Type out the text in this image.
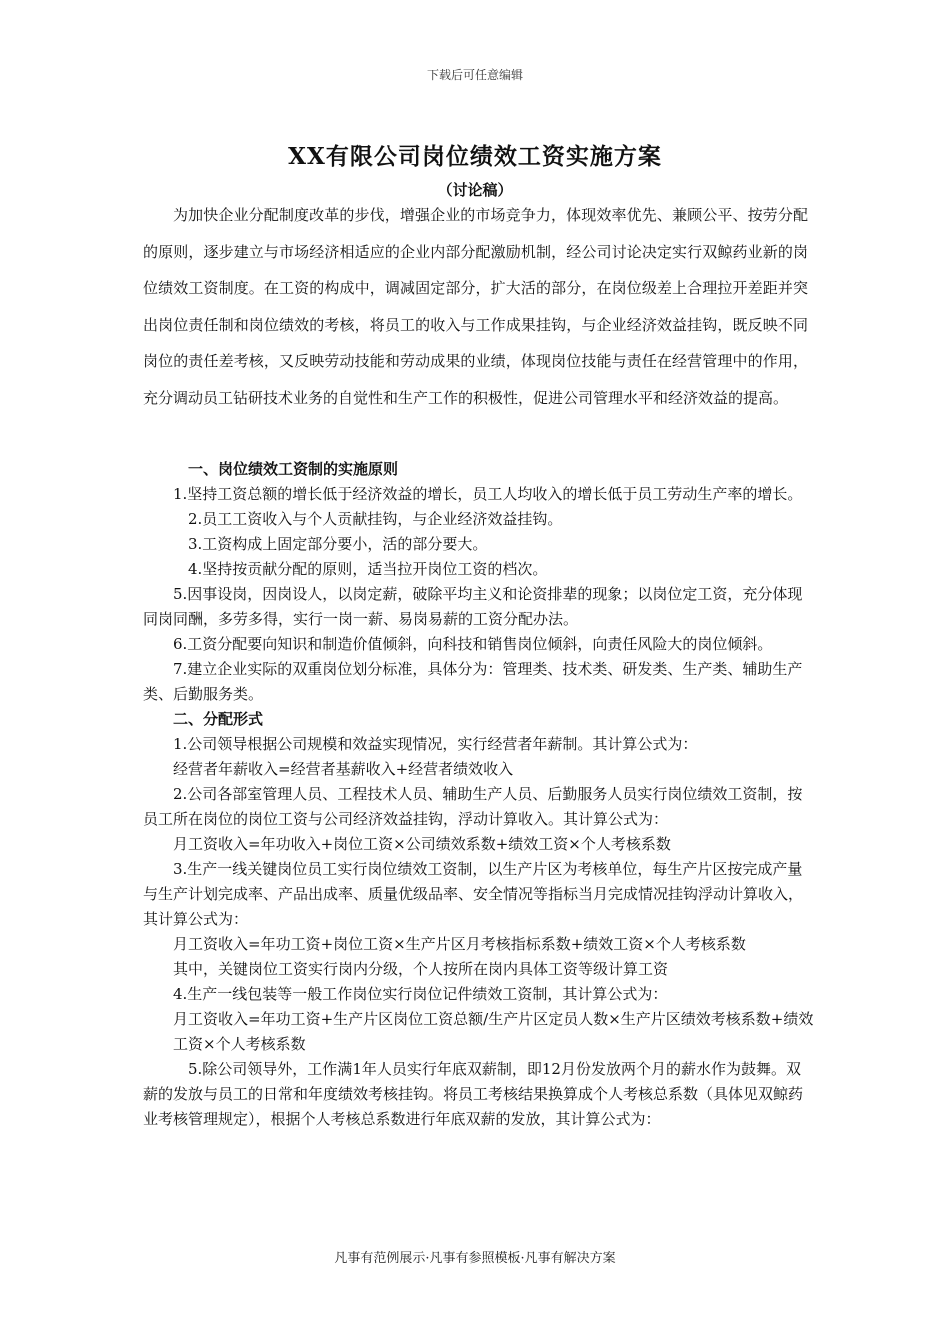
下载后可任意编辑
XX有限公司岗位绩效工资实施方案
（讨论稿）
为加快企业分配制度改革的步伐，增强企业的市场竞争力，体现效率优先、兼顾公平、按劳分配的原则，逐步建立与市场经济相适应的企业内部分配激励机制，经公司讨论决定实行双鲸药业新的岗位绩效工资制度。在工资的构成中，调减固定部分，扩大活的部分，在岗位级差上合理拉开差距并突出岗位责任制和岗位绩效的考核，将员工的收入与工作成果挂钩，与企业经济效益挂钩，既反映不同岗位的责任差考核，又反映劳动技能和劳动成果的业绩，体现岗位技能与责任在经营管理中的作用，充分调动员工钻研技术业务的自觉性和生产工作的积极性，促进公司管理水平和经济效益的提高。

一、岗位绩效工资制的实施原则

1.坚持工资总额的增长低于经济效益的增长，员工人均收入的增长低于员工劳动生产率的增长。

2.员工工资收入与个人贡献挂钩，与企业经济效益挂钩。

3.工资构成上固定部分要小，活的部分要大。

4.坚持按贡献分配的原则，适当拉开岗位工资的档次。

5.因事设岗，因岗设人，以岗定薪，破除平均主义和论资排辈的现象；以岗位定工资，充分体现同岗同酬，多劳多得，实行一岗一薪、易岗易薪的工资分配办法。

6.工资分配要向知识和制造价值倾斜，向科技和销售岗位倾斜，向责任风险大的岗位倾斜。

7.建立企业实际的双重岗位划分标准，具体分为：管理类、技术类、研发类、生产类、辅助生产类、后勤服务类。

二、分配形式

1.公司领导根据公司规模和效益实现情况，实行经营者年薪制。其计算公式为：

经营者年薪收入=经营者基薪收入+经营者绩效收入

2.公司各部室管理人员、工程技术人员、辅助生产人员、后勤服务人员实行岗位绩效工资制，按员工所在岗位的岗位工资与公司经济效益挂钩，浮动计算收入。其计算公式为：

月工资收入=年功收入+岗位工资×公司绩效系数+绩效工资×个人考核系数

3.生产一线关键岗位员工实行岗位绩效工资制，以生产片区为考核单位，每生产片区按完成产量与生产计划完成率、产品出成率、质量优级品率、安全情况等指标当月完成情况挂钩浮动计算收入，其计算公式为：

月工资收入=年功工资+岗位工资×生产片区月考核指标系数+绩效工资×个人考核系数

其中，关键岗位工资实行岗内分级，个人按所在岗内具体工资等级计算工资

4.生产一线包装等一般工作岗位实行岗位记件绩效工资制，其计算公式为：

月工资收入=年功工资+生产片区岗位工资总额/生产片区定员人数×生产片区绩效考核系数+绩效工资×个人考核系数

5.除公司领导外，工作满1年人员实行年底双薪制，即12月份发放两个月的薪水作为鼓舞。双薪的发放与员工的日常和年度绩效考核挂钩。将员工考核结果换算成个人考核总系数（具体见双鲸药业考核管理规定），根据个人考核总系数进行年底双薪的发放，其计算公式为：

凡事有范例展示·凡事有参照模板·凡事有解决方案
